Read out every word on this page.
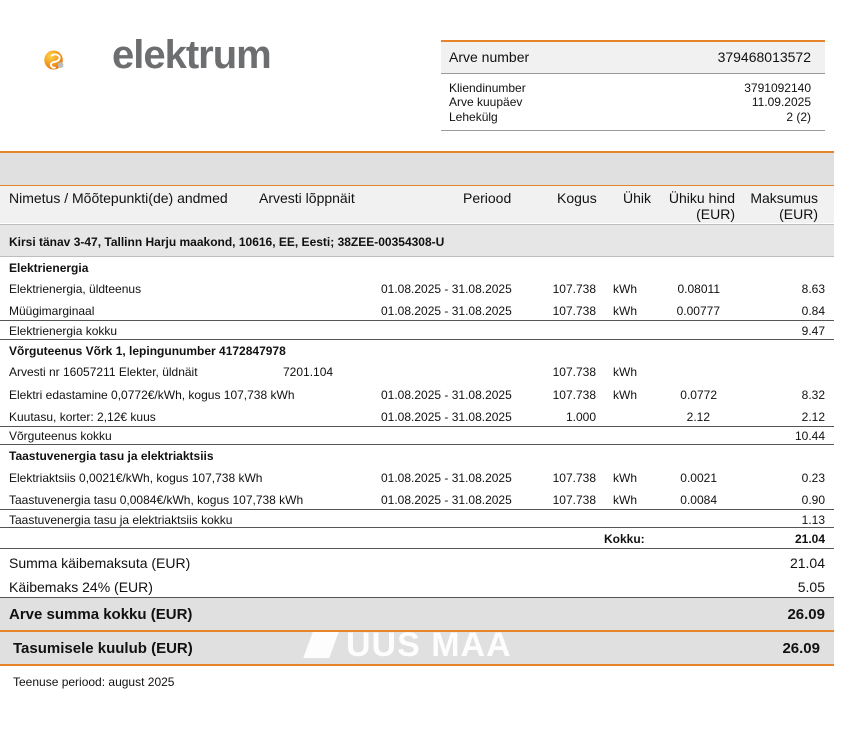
elektrum	Arve number	379468013572
Kliendinumber	3791092140
Arve kuupäev	11.09.2025
Lehekülg	2 (2)
Nimetus / Mõõtepunkti(de) andmed Arvesti lõppnäit	Periood	Kogus Ühik	Ühiku hind
(EUR)
Maksumus
(EUR)
Kirsi tänav 3-47, Tallinn Harju maakond, 10616, EE, Eesti; 38ZEE-00354308-U
Elektrienergia
Elektrienergia, üldteenus	01.08.2025 - 31.08.2025	107.738 kWh	0.08011	8.63
Müügimarginaal	01.08.2025 - 31.08.2025	107.738 kWh	0.00777	0.84
Elektrienergia kokku	9.47
Võrguteenus Võrk 1, lepingunumber 4172847978
Arvesti nr 16057211 Elekter, üldnäit	7201.104	107.738 kWh
Elektri edastamine 0,0772€/kWh, kogus 107,738 kWh	01.08.2025 - 31.08.2025	107.738 kWh	0.0772	8.32
Kuutasu, korter: 2,12€ kuus	01.08.2025 - 31.08.2025	1.000	2.12	2.12
Võrguteenus kokku	10.44
Taastuvenergia tasu ja elektriaktsiis
Elektriaktsiis 0,0021€/kWh, kogus 107,738 kWh	01.08.2025 - 31.08.2025	107.738 kWh	0.0021	0.23
Taastuvenergia tasu 0,0084€/kWh, kogus 107,738 kWh	01.08.2025 - 31.08.2025	107.738 kWh	0.0084	0.90
Taastuvenergia tasu ja elektriaktsiis kokku	1.13
Kokku:	21.04
Summa käibemaksuta (EUR)	21.04
Käibemaks 24% (EUR)	5.05
Arve summa kokku (EUR)	26.09
Tasumisele kuulub (EUR)	26.09
UUS MAA
Teenuse periood: august 2025
